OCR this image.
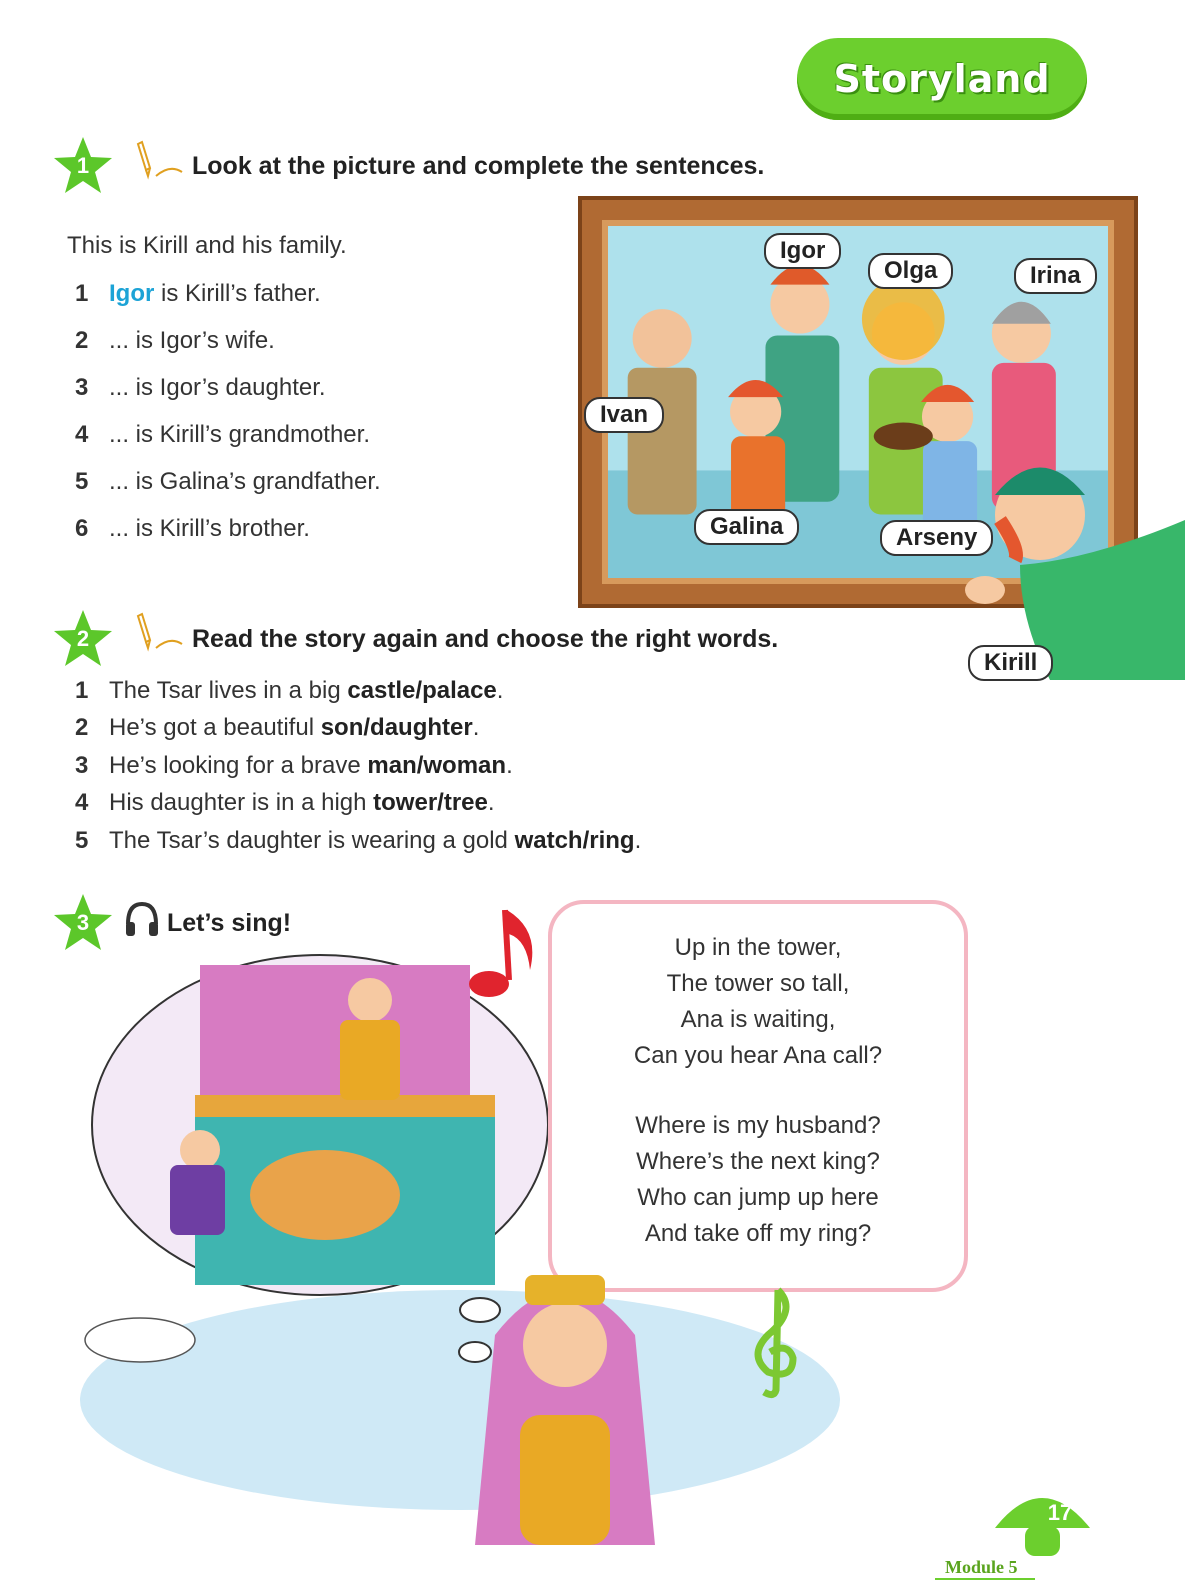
Storyland
1	Look at the picture and complete the sentences.
This is Kirill and his family.
1 Igor is Kirill’s father.
2 ... is Igor’s wife.
3 ... is Igor’s daughter.
4 ... is Kirill’s grandmother.
5 ... is Galina’s grandfather.
6 ... is Kirill’s brother.
Igor
Olga	Irina
Ivan
Galina	Arseny
Kirill
2	Read the story again and choose the right words.
1 The Tsar lives in a big castle/palace.
2 He’s got a beautiful son/daughter.
3 He’s looking for a brave man/woman.
4 His daughter is in a high tower/tree.
5 The Tsar’s daughter is wearing a gold watch/ring.
3	Let’s sing!
Up in the tower,
The tower so tall,
Ana is waiting,
Can you hear Ana call?
Where is my husband?
Where’s the next king?
Who can jump up here
And take off my ring?
17
Module 5
